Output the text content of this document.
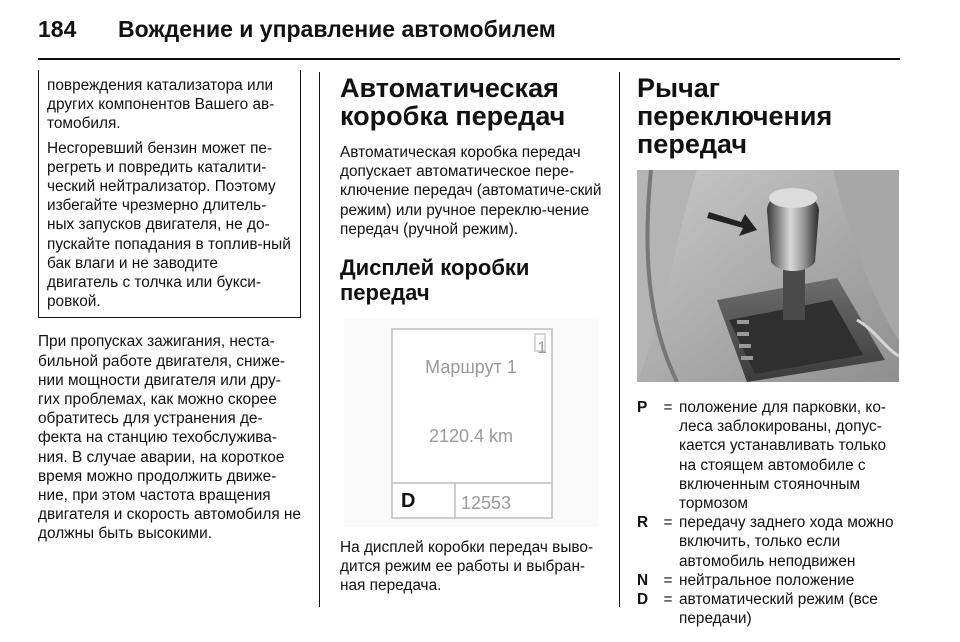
184 Вождение и управление автомобилем

повреждения катализатора или других компонентов Вашего ав-томобиля.

Несгоревший бензин может пе-регреть и повредить каталити-ческий нейтрализатор. Поэтому избегайте чрезмерно длитель-ных запусков двигателя, не до-пускайте попадания в топлив-ный бак влаги и не заводите двигатель с толчка или букси-ровкой.

При пропусках зажигания, неста-бильной работе двигателя, сниже-нии мощности двигателя или дру-гих проблемах, как можно скорее обратитесь для устранения де-фекта на станцию техобслужива-ния. В случае аварии, на короткое время можно продолжить движе-ние, при этом частота вращения двигателя и скорость автомобиля не должны быть высокими.

Автоматическая коробка передач

Автоматическая коробка передач допускает автоматическое пере-ключение передач (автоматиче-ский режим) или ручное переклю-чение передач (ручной режим).

Дисплей коробки передач
1
Маршрут 1
2120.4 km
D	12553

На дисплей коробки передач выво-дится режим ее работы и выбран-ная передача.

Рычаг переключения передач
P	= положение для парковки, ко-леса заблокированы, допус-кается устанавливать только на стоящем автомобиле с включенным стояночным тормозом
R = передачу заднего хода можно включить, только если автомобиль неподвижен
N = нейтральное положение
D = автоматический режим (все передачи)
